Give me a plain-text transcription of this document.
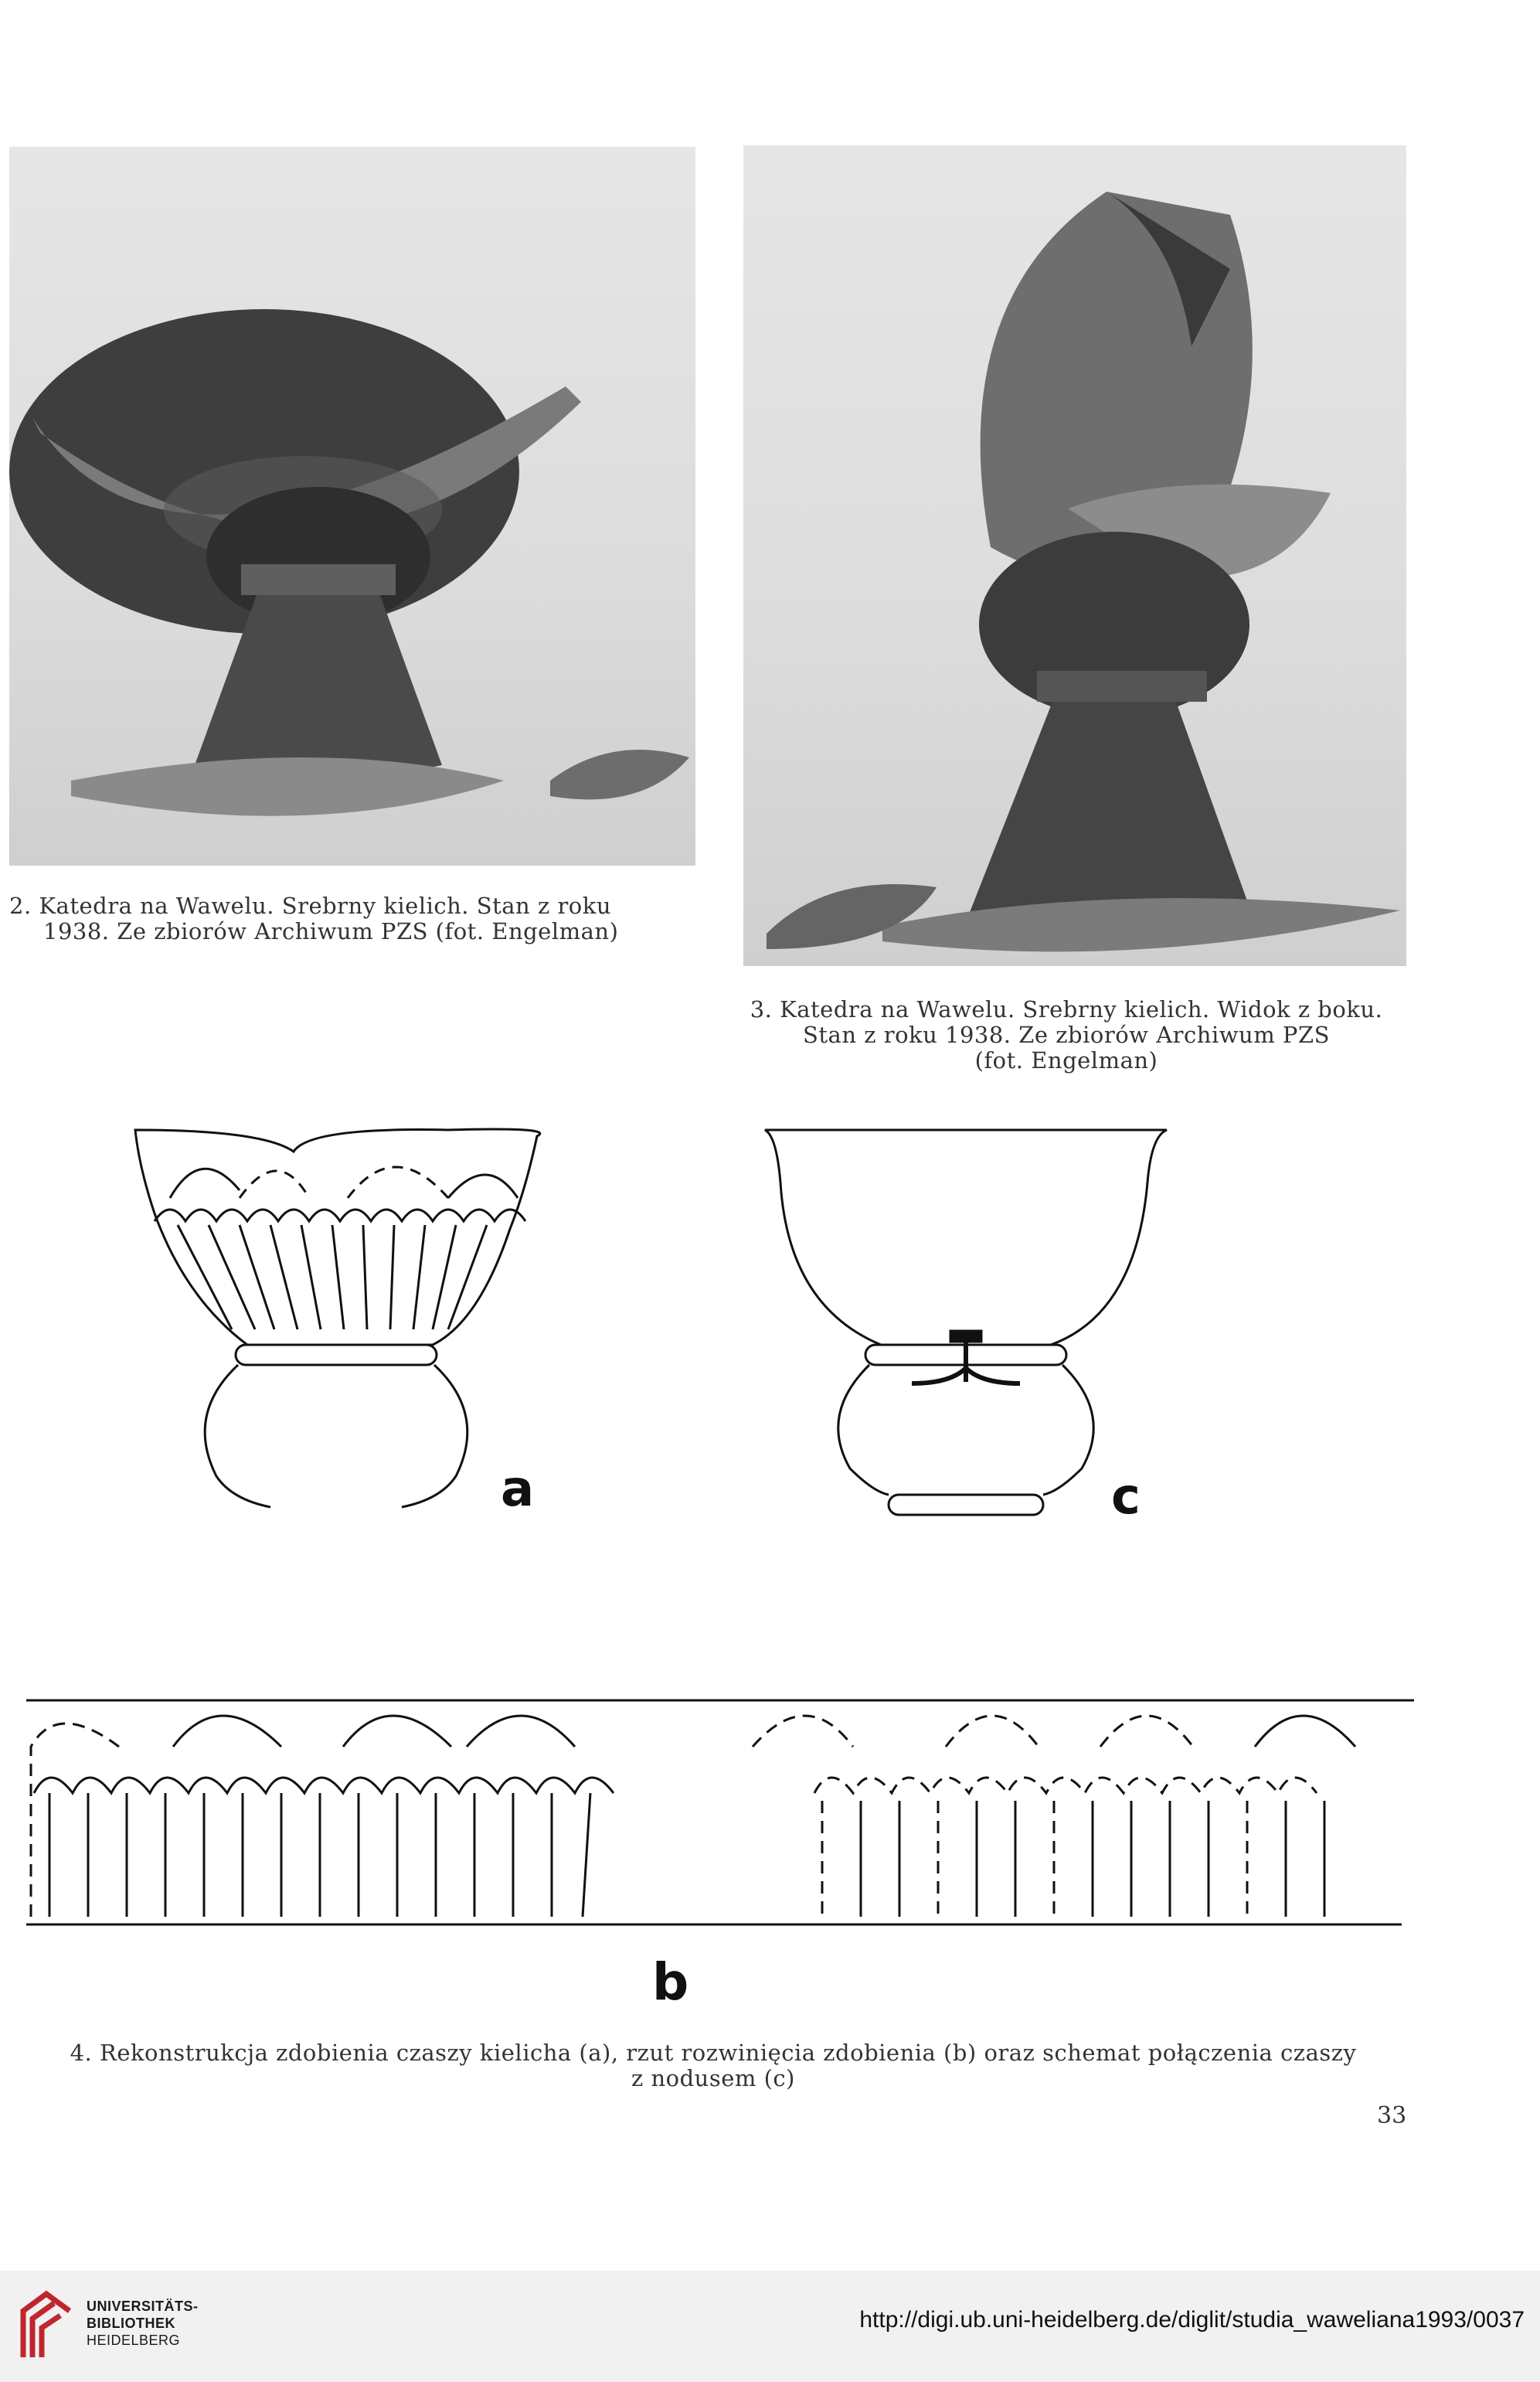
2. Katedra na Wawelu. Srebrny kielich. Stan z roku
1938. Ze zbiorów Archiwum PZS (fot. Engelman)
3. Katedra na Wawelu. Srebrny kielich. Widok z boku.
Stan z roku 1938. Ze zbiorów Archiwum PZS
(fot. Engelman)
a	c
b
4. Rekonstrukcja zdobienia czaszy kielicha (a), rzut rozwinięcia zdobienia (b) oraz schemat połączenia czaszy
z nodusem (c)
33
UNIVERSITÄTS-
BIBLIOTHEK
HEIDELBERG
http://digi.ub.uni-heidelberg.de/diglit/studia_waweliana1993/0037
